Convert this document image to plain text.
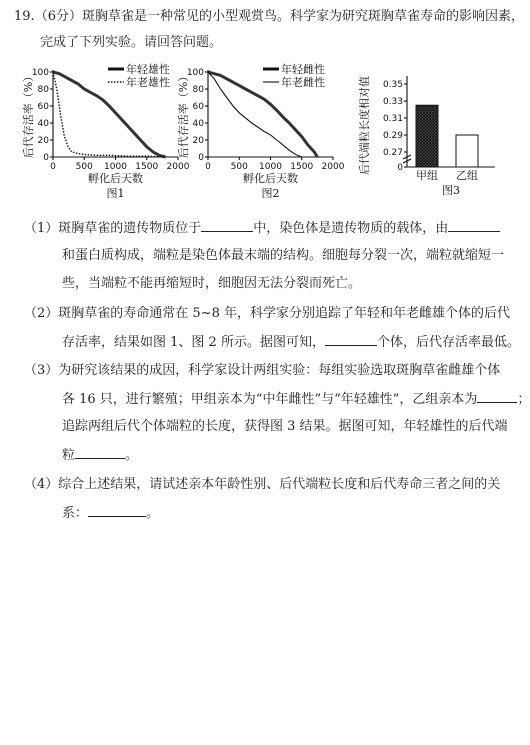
19.（6分）斑胸草雀是一种常见的小型观赏鸟。科学家为研究斑胸草雀寿命的影响因素，
完成了下列实验。请回答问题。
0
20
40
60
80
100
0 500 1000 1500 2000
年轻雄性
年老雄性
后代存活率（%）
孵化后天数
图1
0
20
40
60
80
100
0 500 1000 1500 2000
年轻雌性
年老雌性
后代存活率（%）
孵化后天数
图2
0
0.27
0.29
0.31
0.33
0.35
甲组 乙组
后代端粒长度相对值
图3
（1）斑胸草雀的遗传物质位于	中，染色体是遗传物质的载体，由
和蛋白质构成，端粒是染色体最末端的结构。细胞每分裂一次，端粒就缩短一
些，当端粒不能再缩短时，细胞因无法分裂而死亡。
（2）斑胸草雀的寿命通常在 5~8 年，科学家分别追踪了年轻和年老雌雄个体的后代
存活率，结果如图 1、图 2 所示。据图可知，	个体，后代存活率最低。
（3）为研究该结果的成因，科学家设计两组实验：每组实验选取斑胸草雀雌雄个体
各 16 只，进行繁殖；甲组亲本为“中年雌性”与“年轻雄性”，乙组亲本为	；
追踪两组后代个体端粒的长度，获得图 3 结果。据图可知，年轻雄性的后代端
粒	。
（4）综合上述结果，请试述亲本年龄性别、后代端粒长度和后代寿命三者之间的关
系：	。
